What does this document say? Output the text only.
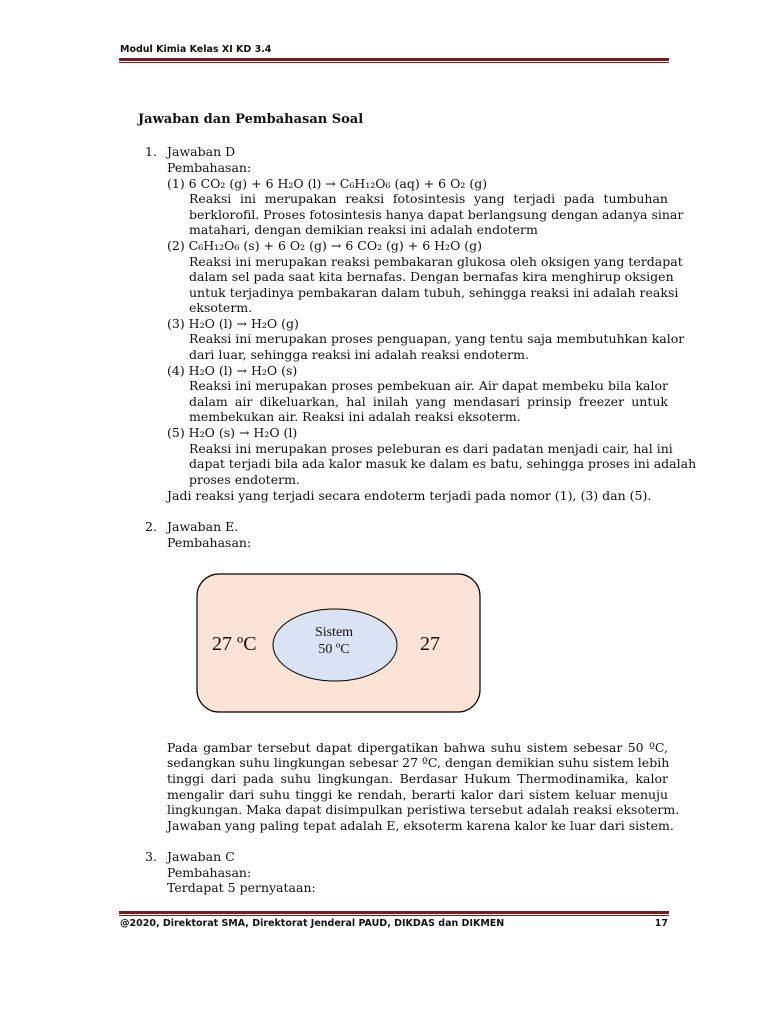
Modul Kimia Kelas XI KD 3.4
Jawaban dan Pembahasan Soal
1. Jawaban D
Pembahasan:
(1) 6 CO₂ (g) + 6 H₂O (l) → C₆H₁₂O₆ (aq) + 6 O₂ (g)
Reaksi ini merupakan reaksi fotosintesis yang terjadi pada tumbuhan
berklorofil. Proses fotosintesis hanya dapat berlangsung dengan adanya sinar
matahari, dengan demikian reaksi ini adalah endoterm
(2) C₆H₁₂O₆ (s) + 6 O₂ (g) → 6 CO₂ (g) + 6 H₂O (g)
Reaksi ini merupakan reaksi pembakaran glukosa oleh oksigen yang terdapat
dalam sel pada saat kita bernafas. Dengan bernafas kira menghirup oksigen
untuk terjadinya pembakaran dalam tubuh, sehingga reaksi ini adalah reaksi
eksoterm.
(3) H₂O (l) → H₂O (g)
Reaksi ini merupakan proses penguapan, yang tentu saja membutuhkan kalor
dari luar, sehingga reaksi ini adalah reaksi endoterm.
(4) H₂O (l) → H₂O (s)
Reaksi ini merupakan proses pembekuan air. Air dapat membeku bila kalor
dalam air dikeluarkan, hal inilah yang mendasari prinsip freezer untuk
membekukan air. Reaksi ini adalah reaksi eksoterm.
(5) H₂O (s) → H₂O (l)
Reaksi ini merupakan proses peleburan es dari padatan menjadi cair, hal ini
dapat terjadi bila ada kalor masuk ke dalam es batu, sehingga proses ini adalah
proses endoterm.
Jadi reaksi yang terjadi secara endoterm terjadi pada nomor (1), (3) dan (5).
2. Jawaban E.
Pembahasan:
Sistem
50 ºC
27 ºC	27
Pada gambar tersebut dapat dipergatikan bahwa suhu sistem sebesar 50 ºC,
sedangkan suhu lingkungan sebesar 27 ºC, dengan demikian suhu sistem lebih
tinggi dari pada suhu lingkungan. Berdasar Hukum Thermodinamika, kalor
mengalir dari suhu tinggi ke rendah, berarti kalor dari sistem keluar menuju
lingkungan. Maka dapat disimpulkan peristiwa tersebut adalah reaksi eksoterm.
Jawaban yang paling tepat adalah E, eksoterm karena kalor ke luar dari sistem.
3. Jawaban C
Pembahasan:
Terdapat 5 pernyataan:
@2020, Direktorat SMA, Direktorat Jenderal PAUD, DIKDAS dan DIKMEN	17
